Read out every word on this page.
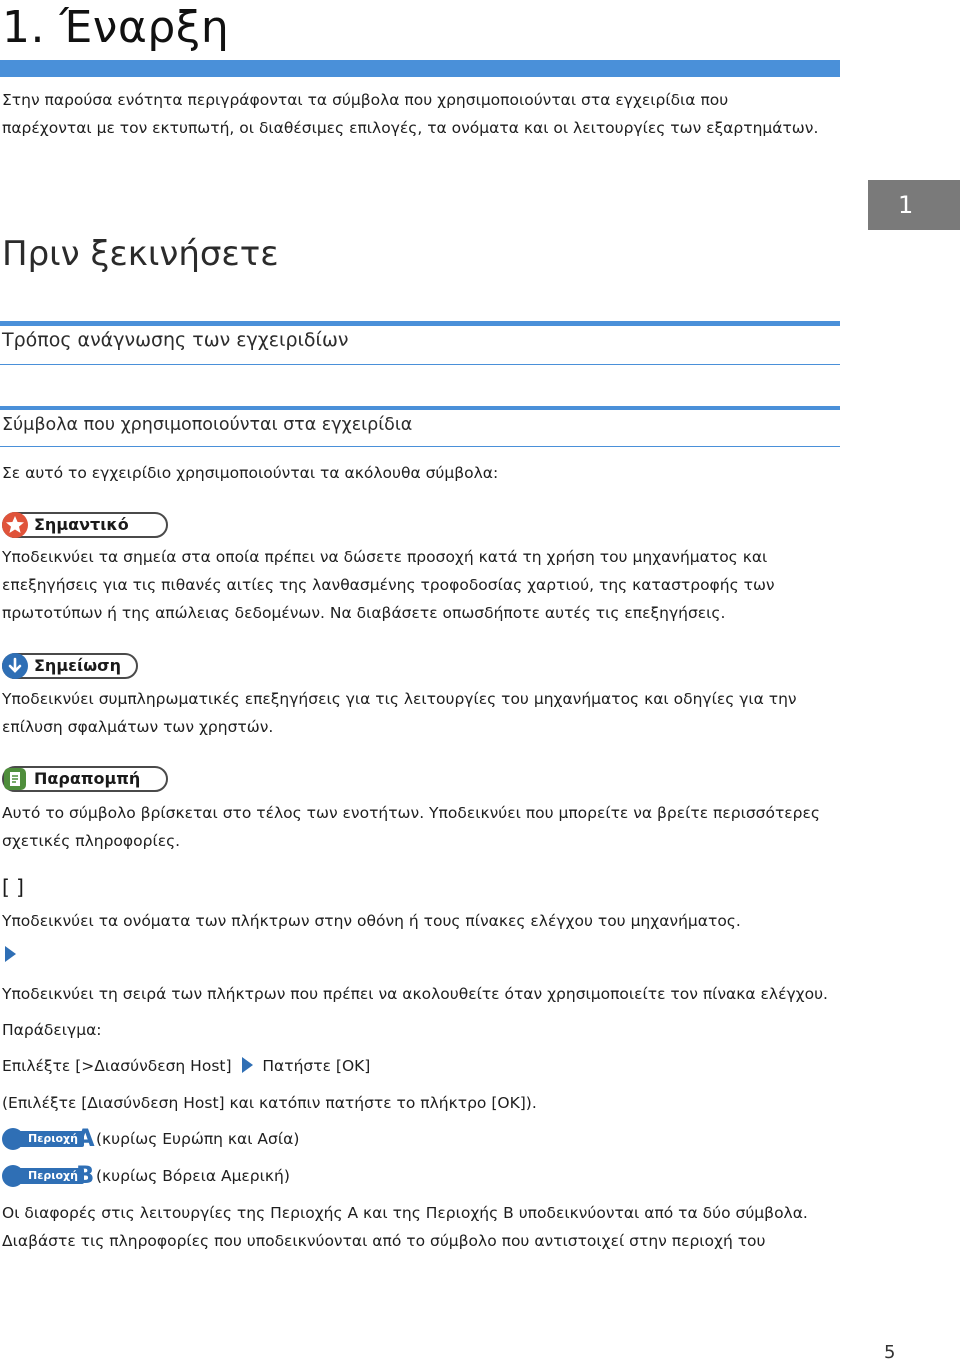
1. Έναρξη
Στην παρούσα ενότητα περιγράφονται τα σύμβολα που χρησιμοποιούνται στα εγχειρίδια που
παρέχονται με τον εκτυπωτή, οι διαθέσιμες επιλογές, τα ονόματα και οι λειτουργίες των εξαρτημάτων.
1
Πριν ξεκινήσετε
Τρόπος ανάγνωσης των εγχειριδίων
Σύμβολα που χρησιμοποιούνται στα εγχειρίδια
Σε αυτό το εγχειρίδιο χρησιμοποιούνται τα ακόλουθα σύμβολα:
Σημαντικό
Υποδεικνύει τα σημεία στα οποία πρέπει να δώσετε προσοχή κατά τη χρήση του μηχανήματος και
επεξηγήσεις για τις πιθανές αιτίες της λανθασμένης τροφοδοσίας χαρτιού, της καταστροφής των
πρωτοτύπων ή της απώλειας δεδομένων. Να διαβάσετε οπωσδήποτε αυτές τις επεξηγήσεις.
Σημείωση
Υποδεικνύει συμπληρωματικές επεξηγήσεις για τις λειτουργίες του μηχανήματος και οδηγίες για την
επίλυση σφαλμάτων των χρηστών.
Παραπομπή
Αυτό το σύμβολο βρίσκεται στο τέλος των ενοτήτων. Υποδεικνύει που μπορείτε να βρείτε περισσότερες
σχετικές πληροφορίες.
[ ]
Υποδεικνύει τα ονόματα των πλήκτρων στην οθόνη ή τους πίνακες ελέγχου του μηχανήματος.
Υποδεικνύει τη σειρά των πλήκτρων που πρέπει να ακολουθείτε όταν χρησιμοποιείτε τον πίνακα ελέγχου.
Παράδειγμα:
Επιλέξτε [>Διασύνδεση Host] Πατήστε [OK]
(Επιλέξτε [Διασύνδεση Host] και κατόπιν πατήστε το πλήκτρο [OK]).
Περιοχή
A (κυρίως Ευρώπη και Ασία)
Περιοχή
B (κυρίως Βόρεια Αμερική)
Οι διαφορές στις λειτουργίες της Περιοχής A και της Περιοχής B υποδεικνύονται από τα δύο σύμβολα.
Διαβάστε τις πληροφορίες που υποδεικνύονται από το σύμβολο που αντιστοιχεί στην περιοχή του
5
